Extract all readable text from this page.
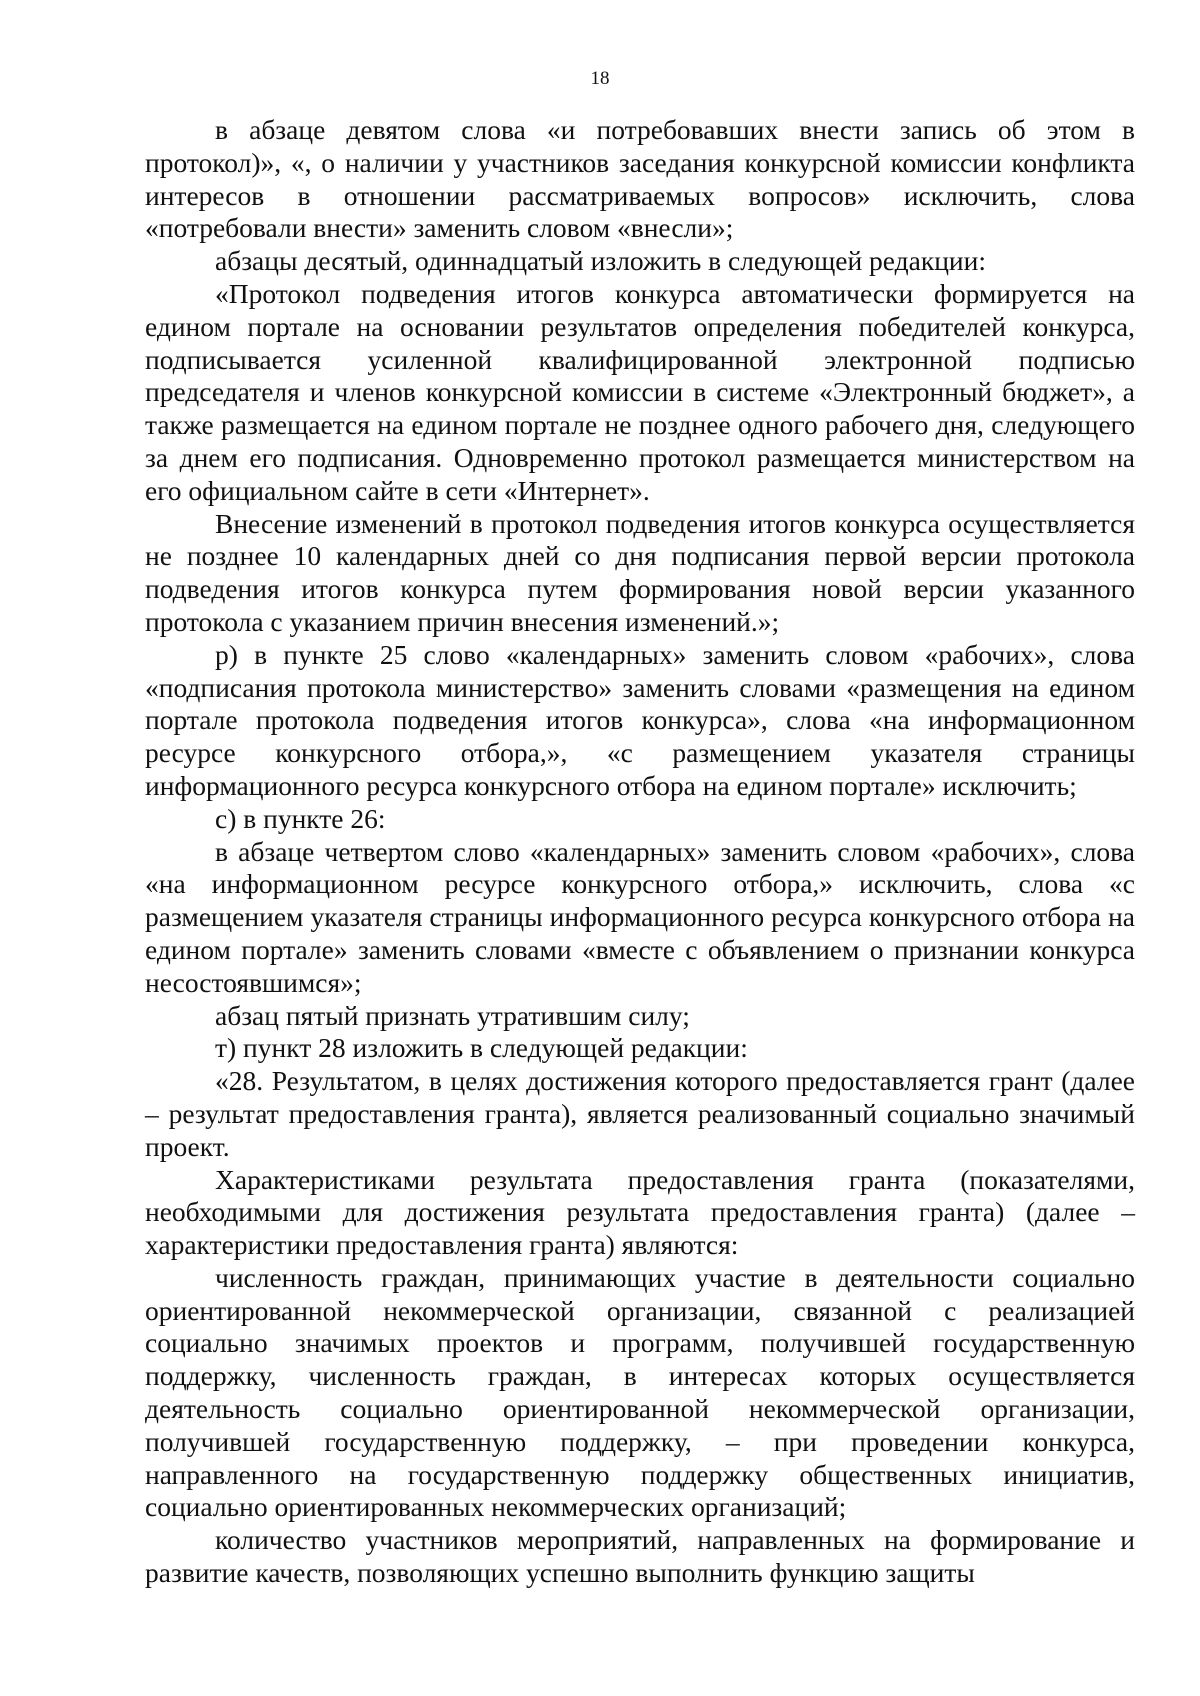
18

в абзаце девятом слова «и потребовавших внести запись об этом в протокол)», «, о наличии у участников заседания конкурсной комиссии конфликта интересов в отношении рассматриваемых вопросов» исключить, слова «потребовали внести» заменить словом «внесли»;

абзацы десятый, одиннадцатый изложить в следующей редакции:

«Протокол подведения итогов конкурса автоматически формируется на едином портале на основании результатов определения победителей конкурса, подписывается усиленной квалифицированной электронной подписью председателя и членов конкурсной комиссии в системе «Электронный бюджет», а также размещается на едином портале не позднее одного рабочего дня, следующего за днем его подписания. Одновременно протокол размещается министерством на его официальном сайте в сети «Интернет».

Внесение изменений в протокол подведения итогов конкурса осуществляется не позднее 10 календарных дней со дня подписания первой версии протокола подведения итогов конкурса путем формирования новой версии указанного протокола с указанием причин внесения изменений.»;

р) в пункте 25 слово «календарных» заменить словом «рабочих», слова «подписания протокола министерство» заменить словами «размещения на едином портале протокола подведения итогов конкурса», слова «на информационном ресурсе конкурсного отбора,», «с размещением указателя страницы информационного ресурса конкурсного отбора на едином портале» исключить;

с) в пункте 26:

в абзаце четвертом слово «календарных» заменить словом «рабочих», слова «на информационном ресурсе конкурсного отбора,» исключить, слова «с размещением указателя страницы информационного ресурса конкурсного отбора на едином портале» заменить словами «вместе с объявлением о признании конкурса несостоявшимся»;

абзац пятый признать утратившим силу;

т) пункт 28 изложить в следующей редакции:

«28. Результатом, в целях достижения которого предоставляется грант (далее – результат предоставления гранта), является реализованный социально значимый проект.

Характеристиками результата предоставления гранта (показателями, необходимыми для достижения результата предоставления гранта) (далее – характеристики предоставления гранта) являются:

численность граждан, принимающих участие в деятельности социально ориентированной некоммерческой организации, связанной с реализацией социально значимых проектов и программ, получившей государственную поддержку, численность граждан, в интересах которых осуществляется деятельность социально ориентированной некоммерческой организации, получившей государственную поддержку, – при проведении конкурса, направленного на государственную поддержку общественных инициатив, социально ориентированных некоммерческих организаций;

количество участников мероприятий, направленных на формирование и развитие качеств, позволяющих успешно выполнить функцию защиты
